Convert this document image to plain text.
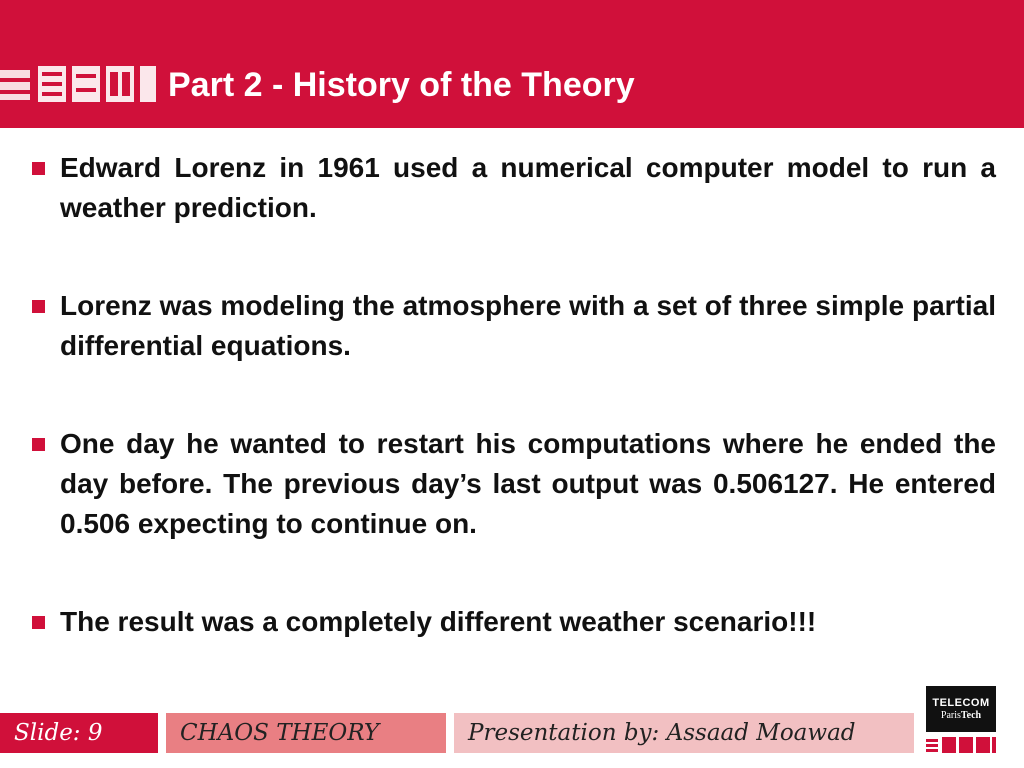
Part 2 - History of the Theory
Edward Lorenz in 1961 used a numerical computer model to run a weather prediction.
Lorenz was modeling the atmosphere with a set of three simple partial differential equations.
One day he wanted to restart his computations where he ended the day before. The previous day’s last output was 0.506127. He entered 0.506 expecting to continue on.
The result was a completely different weather scenario!!!
Slide: 9	CHAOS THEORY	Presentation by: Assaad Moawad
TELECOM
ParisTech
